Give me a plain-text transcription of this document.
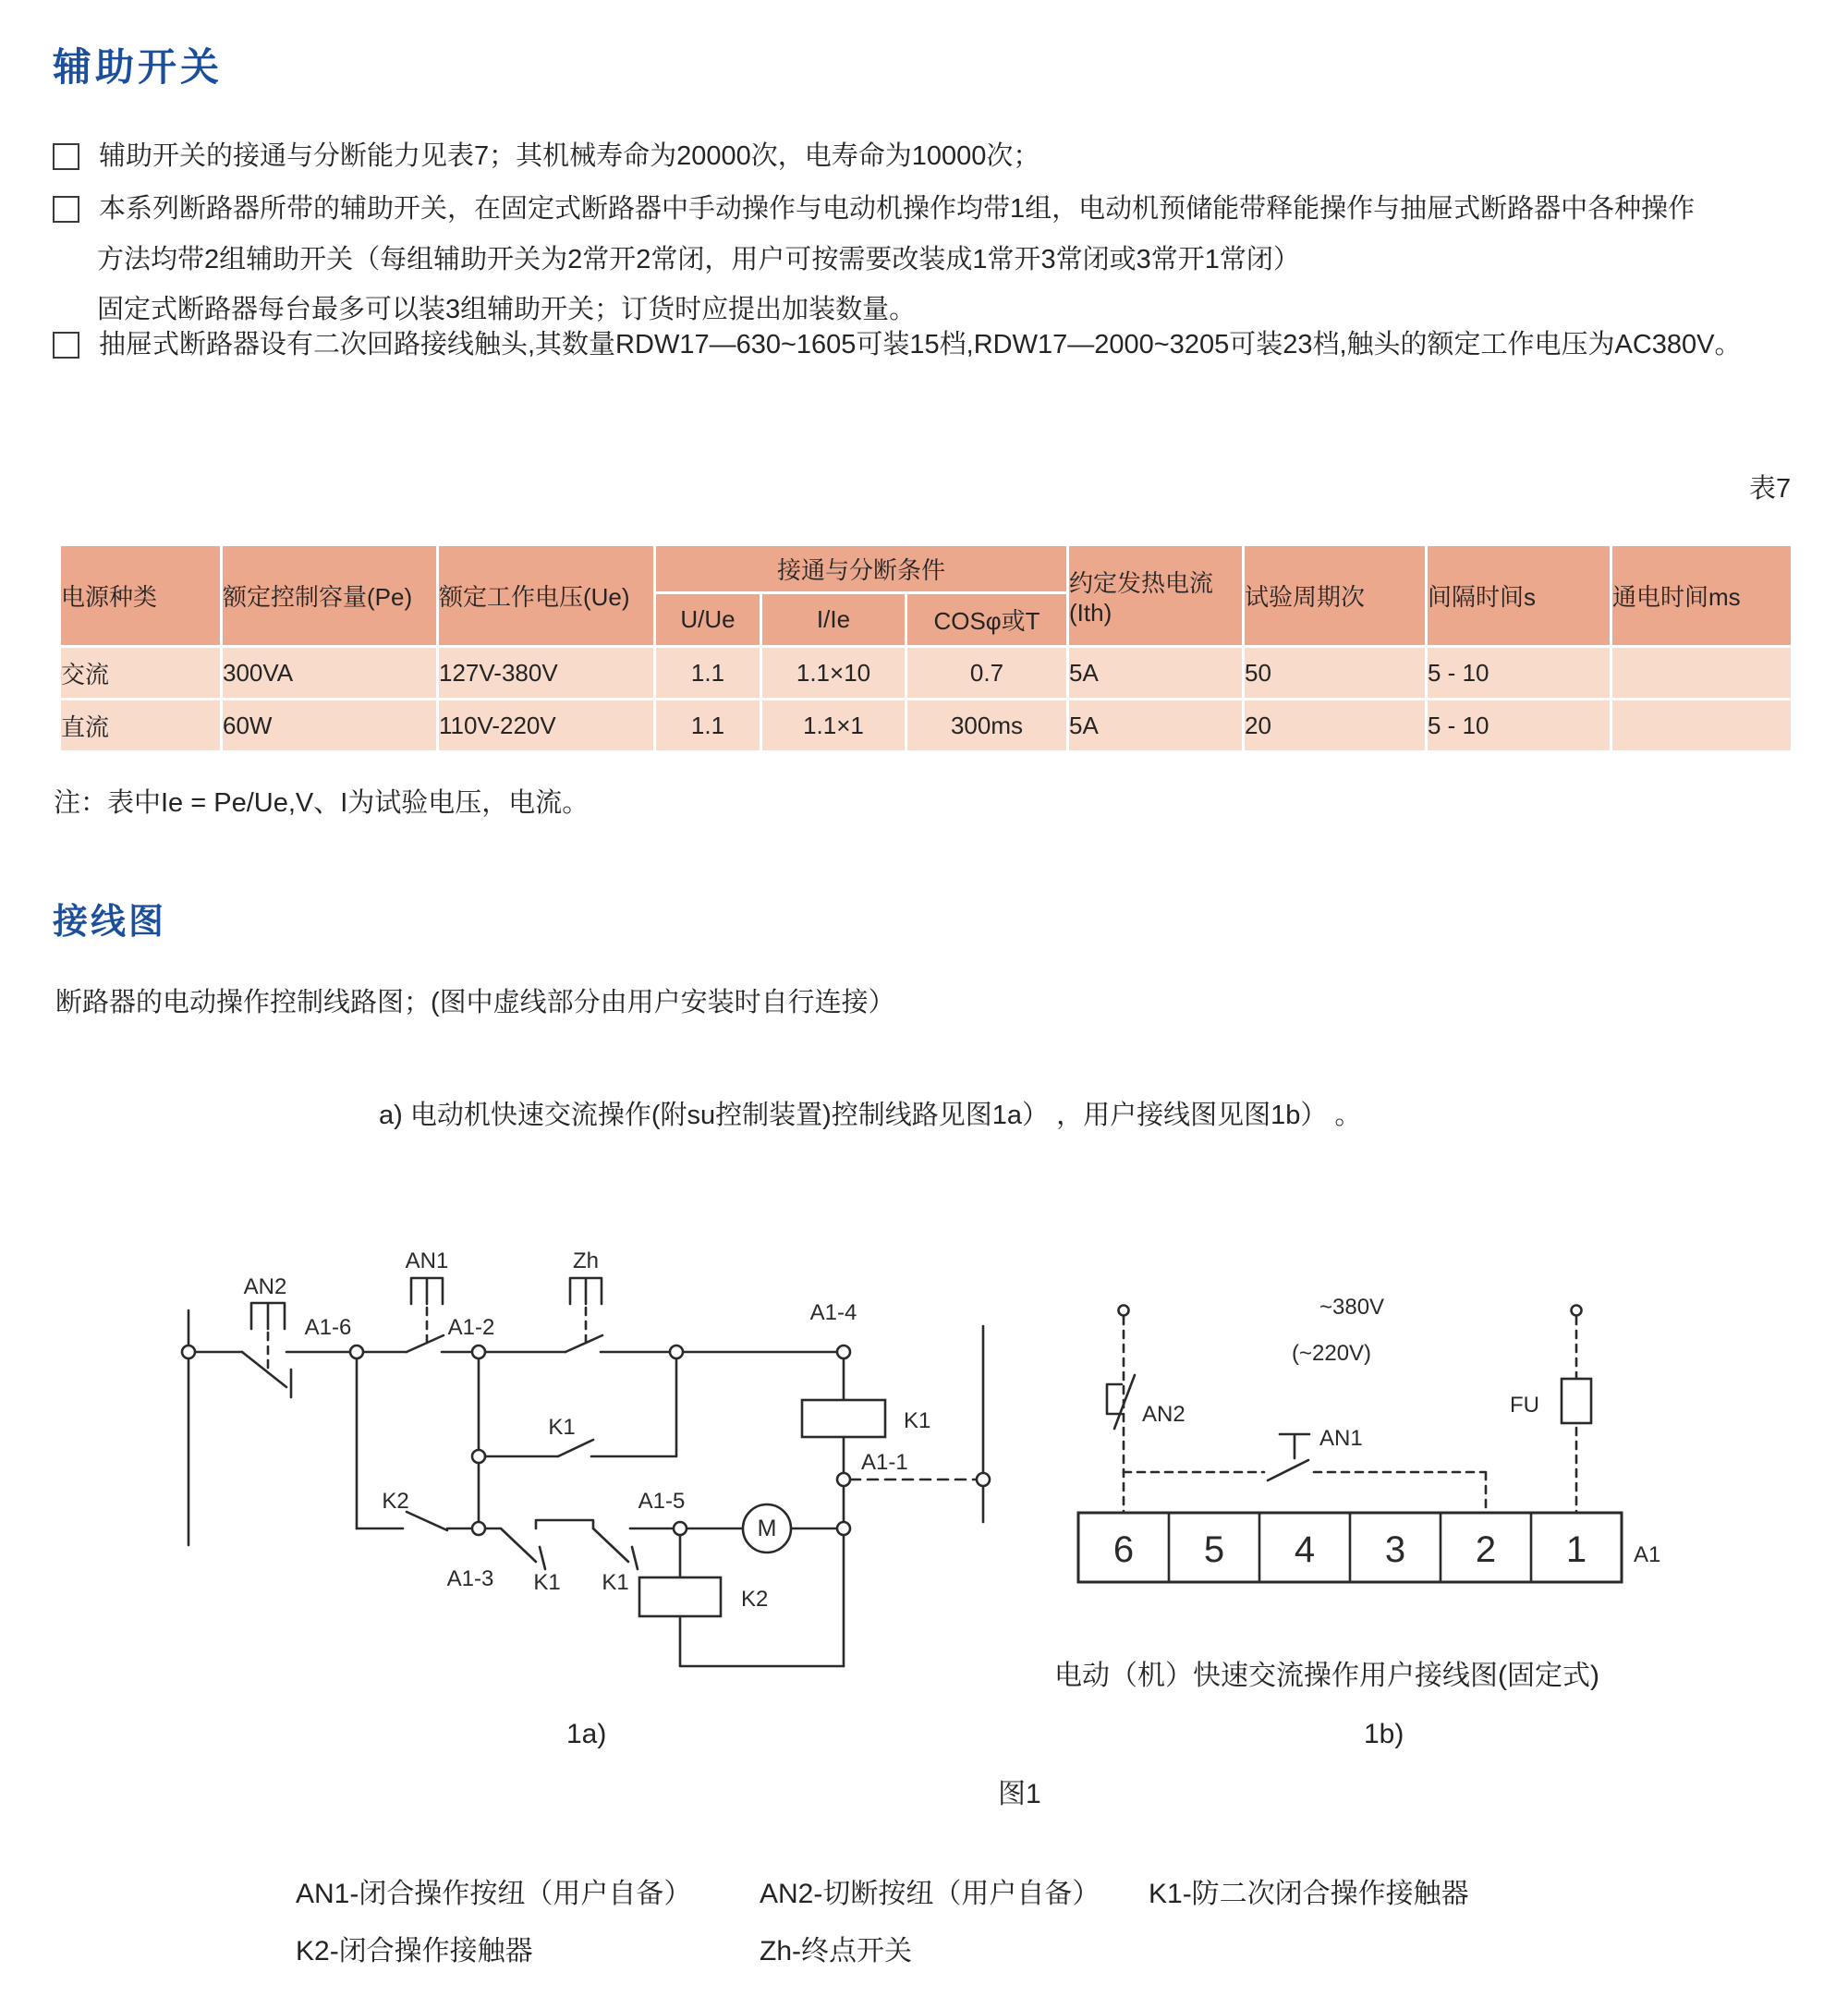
辅助开关
辅助开关的接通与分断能力见表7；其机械寿命为20000次，电寿命为10000次；
本系列断路器所带的辅助开关，在固定式断路器中手动操作与电动机操作均带1组，电动机预储能带释能操作与抽屉式断路器中各种操作
方法均带2组辅助开关（每组辅助开关为2常开2常闭，用户可按需要改装成1常开3常闭或3常开1常闭）
固定式断路器每台最多可以装3组辅助开关；订货时应提出加装数量。
抽屉式断路器设有二次回路接线触头,其数量RDW17—630~1605可装15档,RDW17—2000~3205可装23档,触头的额定工作电压为AC380V。
表7
电源种类	额定控制容量(Pe)	额定工作电压(Ue)	接通与分断条件			约定发热电流(Ith)	试验周期次	间隔时间s	通电时间ms
			U/Ue	I/Ie	COSφ或T				
交流	300VA	127V-380V	1.1	1.1×10	0.7	5A	50	5 - 10	
直流	60W	110V-220V	1.1	1.1×1	300ms	5A	20	5 - 10	
注：表中Ie = Pe/Ue,V、I为试验电压，电流。
接线图
断路器的电动操作控制线路图；(图中虚线部分由用户安装时自行连接）
a) 电动机快速交流操作(附su控制装置)控制线路见图1a） ，用户接线图见图1b） 。
AN2
AN1	Zh
A1-6	A1-2
A1-4
K1
K2
A1-3 K1 K1
A1-5
M
K1
A1-1
K2
~380V
(~220V)
AN2
AN1
FU
6 5 4 3 2 1 A1
电动（机）快速交流操作用户接线图(固定式)
1a)	1b)
图1
AN1-闭合操作按纽（用户自备） AN2-切断按纽（用户自备） K1-防二次闭合操作接触器
K2-闭合操作接触器	Zh-终点开关
